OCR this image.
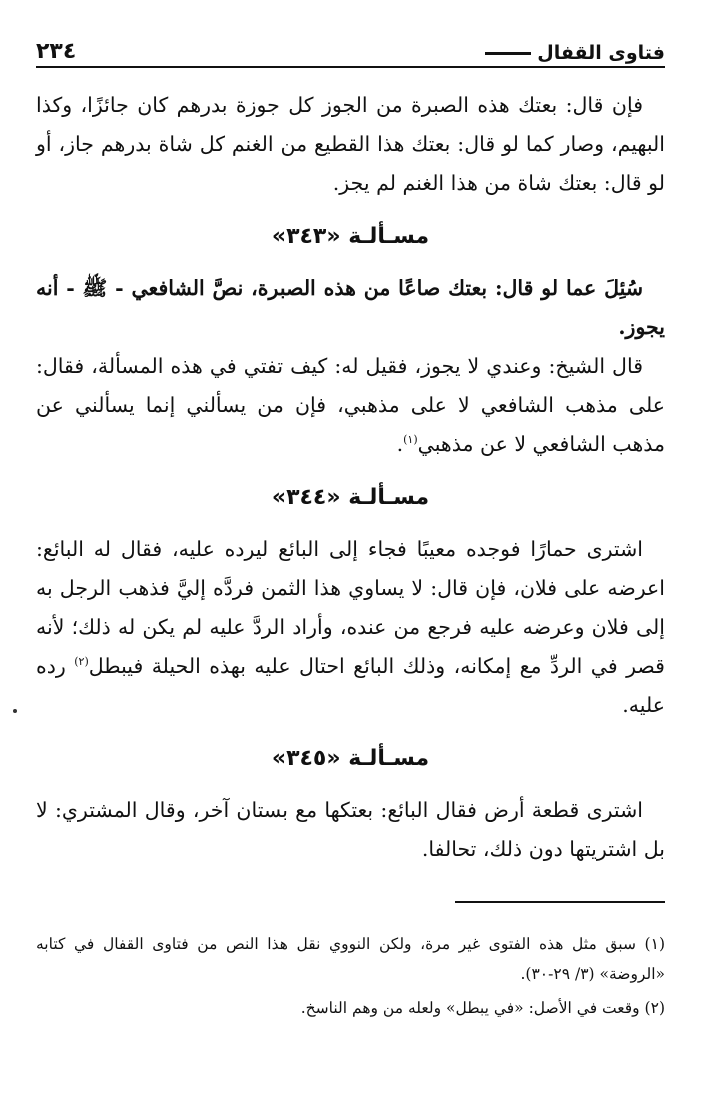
فتاوى القفال
٢٣٤

فإن قال: بعتك هذه الصبرة من الجوز كل جوزة بدرهم كان جائزًا، وكذا البهيم، وصار كما لو قال: بعتك هذا القطيع من الغنم كل شاة بدرهم جاز، أو لو قال: بعتك شاة من هذا الغنم لم يجز.

مسـألـة «٣٤٣»

سُئِلَ عما لو قال: بعتك صاعًا من هذه الصبرة، نصَّ الشافعي - ﷺ - أنه يجوز.

قال الشيخ: وعندي لا يجوز، فقيل له: كيف تفتي في هذه المسألة، فقال: على مذهب الشافعي لا على مذهبي، فإن من يسألني إنما يسألني عن مذهب الشافعي لا عن مذهبي$^{(١)}$.

مسـألـة «٣٤٤»

اشترى حمارًا فوجده معيبًا فجاء إلى البائع ليرده عليه، فقال له البائع: اعرضه على فلان، فإن قال: لا يساوي هذا الثمن فردَّه إليَّ فذهب الرجل به إلى فلان وعرضه عليه فرجع من عنده، وأراد الردَّ عليه لم يكن له ذلك؛ لأنه قصر في الردِّ مع إمكانه، وذلك البائع احتال عليه بهذه الحيلة فيبطل$^{(٢)}$ رده عليه.

مسـألـة «٣٤٥»

اشترى قطعة أرض فقال البائع: بعتكها مع بستان آخر، وقال المشتري: لا بل اشتريتها دون ذلك، تحالفا.

(١) سبق مثل هذه الفتوى غير مرة، ولكن النووي نقل هذا النص من فتاوى القفال في كتابه «الروضة» (٣/ ٢٩-٣٠).
(٢) وقعت في الأصل: «في يبطل» ولعله من وهم الناسخ.
